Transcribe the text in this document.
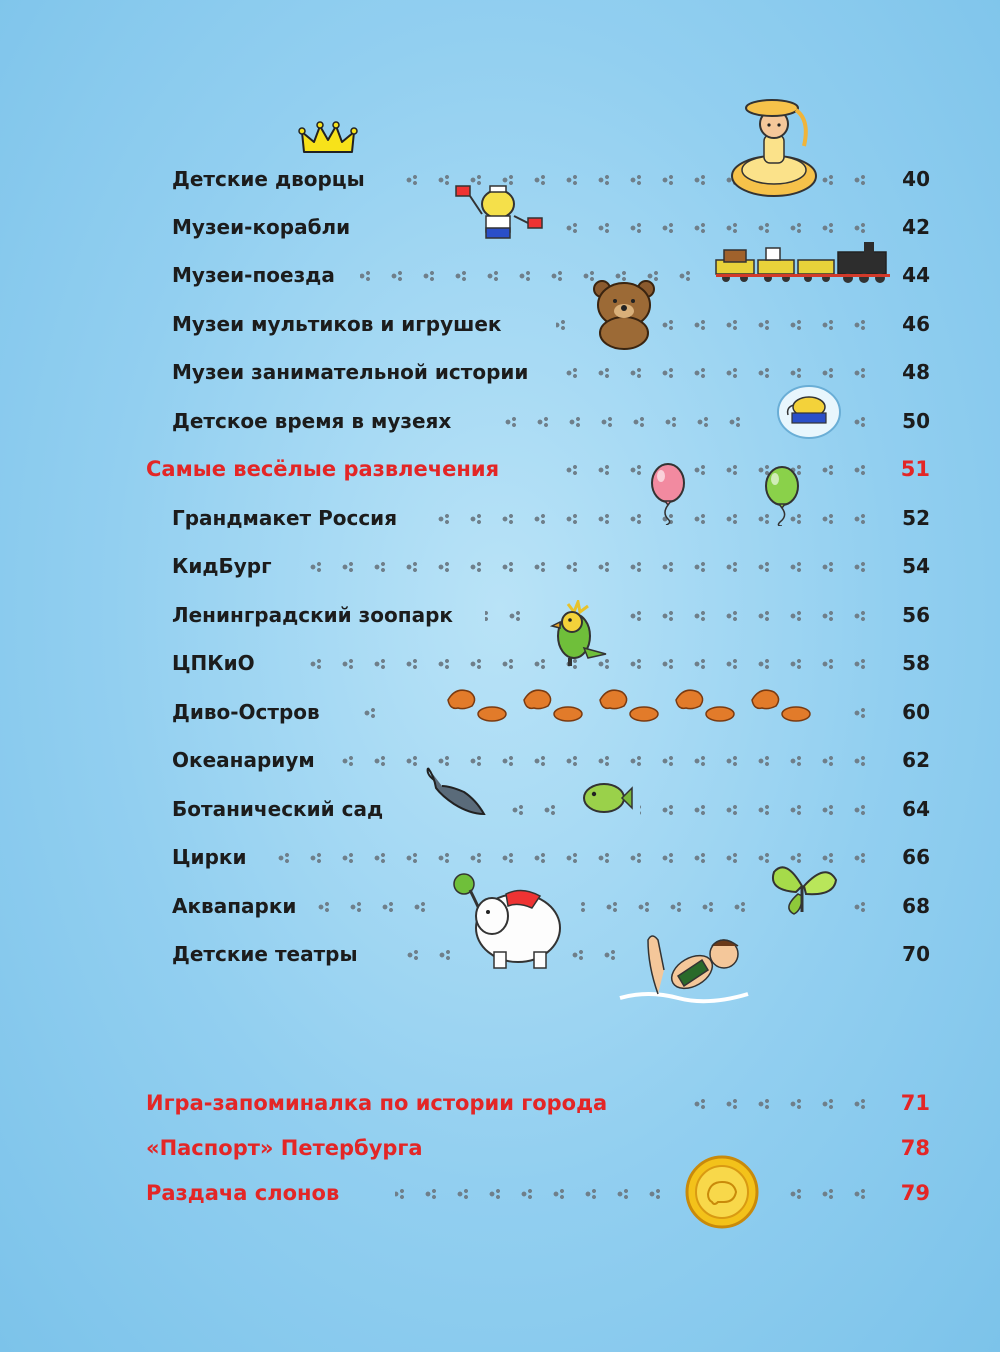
Детские дворцы	40
Музеи-корабли	42
Музеи-поезда	44
Музеи мультиков и игрушек	46
Музеи занимательной истории	48
Детское время в музеях	50
Самые весёлые развлечения	51
Грандмакет Россия	52
КидБург	54
Ленинградский зоопарк	56
ЦПКиО	58
Диво-Остров	60
Океанариум	62
Ботанический сад	64
Цирки	66
Аквапарки	68
Детские театры	70
Игра-запоминалка по истории города	71
«Паспорт» Петербурга	78
Раздача слонов	79
